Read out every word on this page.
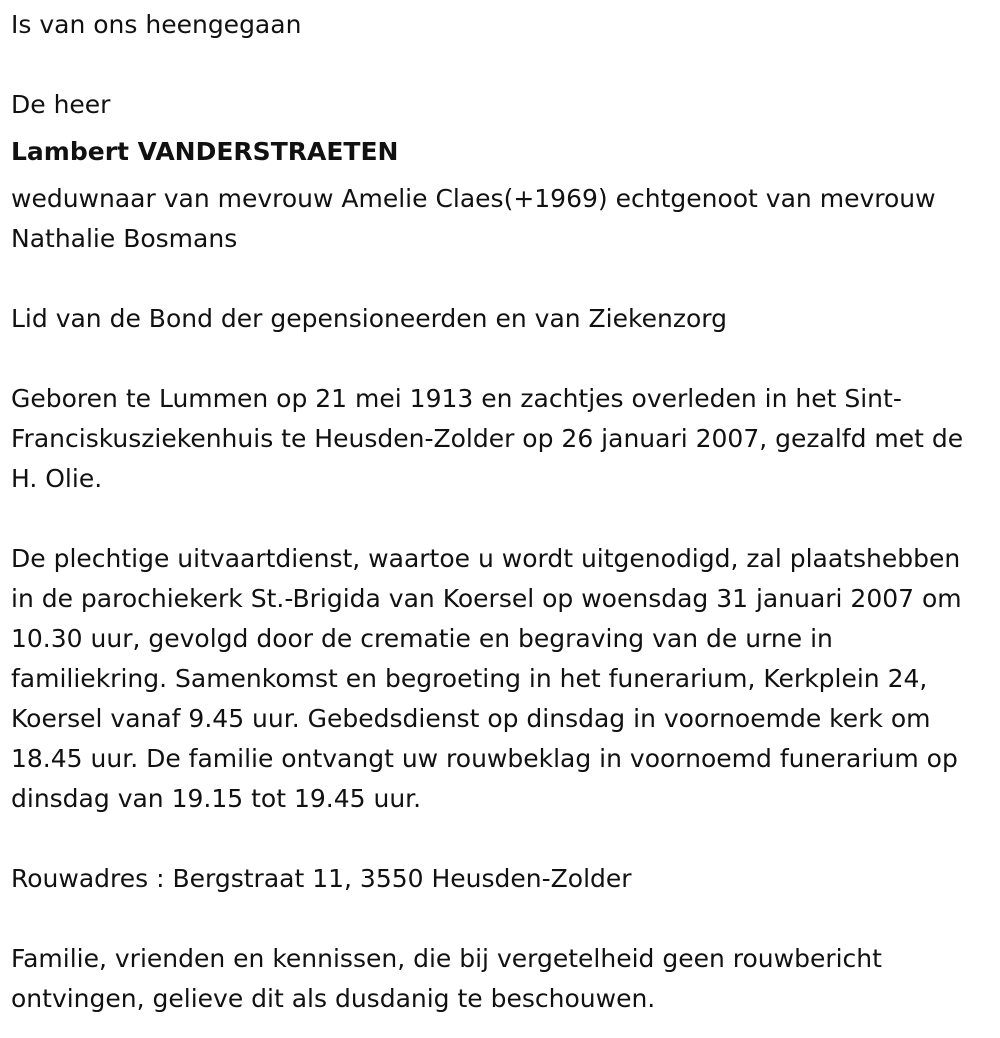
Is van ons heengegaan

De heer

Lambert VANDERSTRAETEN

weduwnaar van mevrouw Amelie Claes(+1969) echtgenoot van mevrouw Nathalie Bosmans

Lid van de Bond der gepensioneerden en van Ziekenzorg

Geboren te Lummen op 21 mei 1913 en zachtjes overleden in het Sint-Franciskusziekenhuis te Heusden-Zolder op 26 januari 2007, gezalfd met de H. Olie.

De plechtige uitvaartdienst, waartoe u wordt uitgenodigd, zal plaatshebben in de parochiekerk St.-Brigida van Koersel op woensdag 31 januari 2007 om 10.30 uur, gevolgd door de crematie en begraving van de urne in familiekring. Samenkomst en begroeting in het funerarium, Kerkplein 24, Koersel vanaf 9.45 uur. Gebedsdienst op dinsdag in voornoemde kerk om 18.45 uur. De familie ontvangt uw rouwbeklag in voornoemd funerarium op dinsdag van 19.15 tot 19.45 uur.

Rouwadres : Bergstraat 11, 3550 Heusden-Zolder

Familie, vrienden en kennissen, die bij vergetelheid geen rouwbericht ontvingen, gelieve dit als dusdanig te beschouwen.
